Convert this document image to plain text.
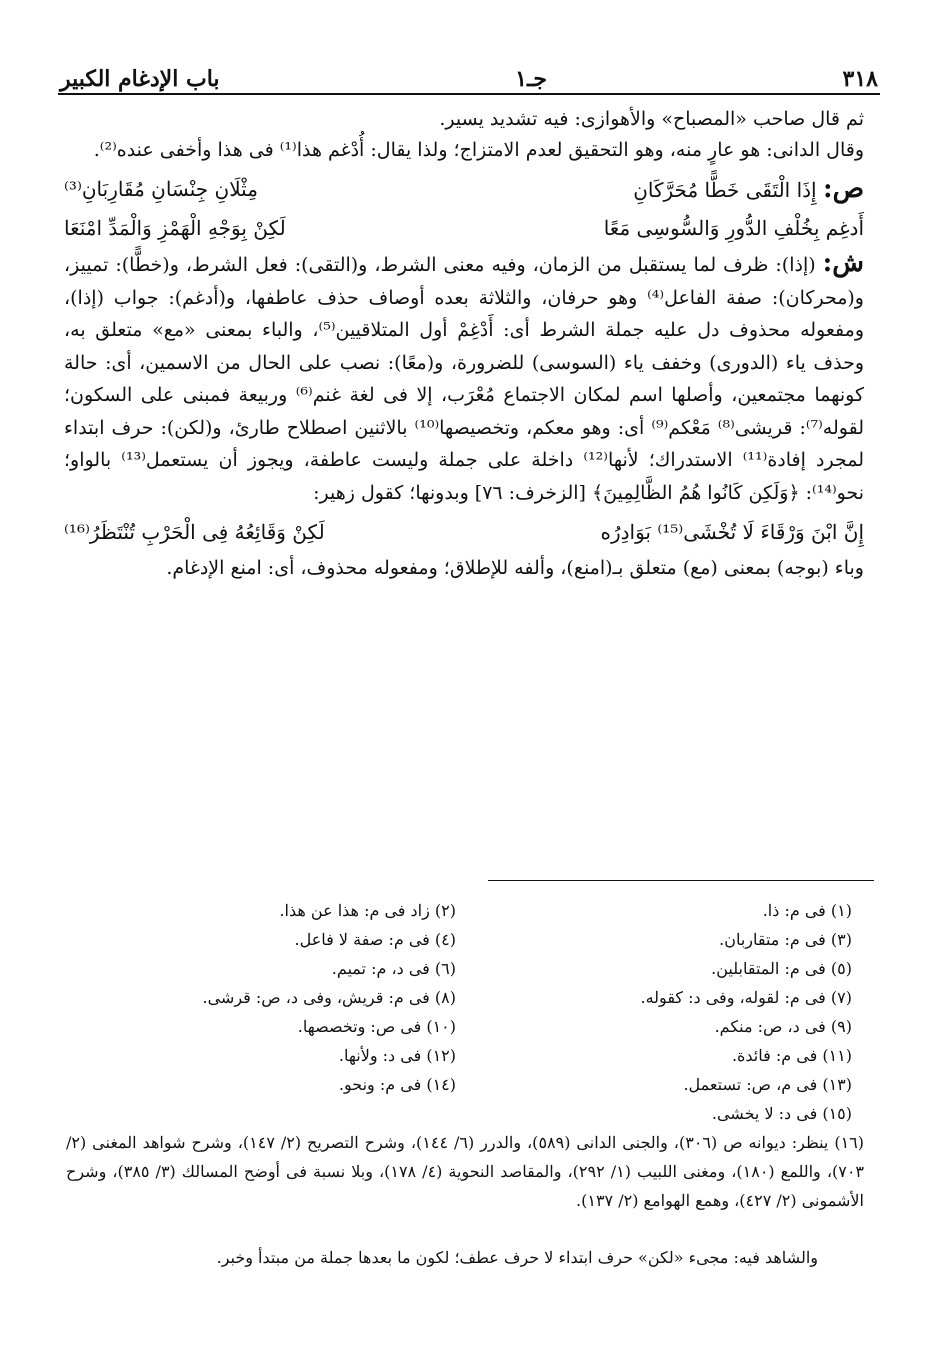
٣١٨
جـ١
باب الإدغام الكبير

ثم قال صاحب «المصباح» والأهوازى: فيه تشديد يسير.

وقال الدانى: هو عارٍ منه، وهو التحقيق لعدم الامتزاج؛ ولذا يقال: أُدْغم هذا⁽¹⁾ فى هذا وأخفى عنده⁽²⁾.

ص: إِذَا الْتَقَى خَطًّا مُحَرَّكَانِ
مِثْلَانِ جِنْسَانِ مُقَارِبَانِ⁽³⁾
أَدغِم بِخُلْفِ الدُّورِ وَالسُّوسِى مَعًا
لَكِنْ بِوَجْهِ الْهَمْزِ وَالْمَدِّ امْنَعَا

ش: (إذا): ظرف لما يستقبل من الزمان، وفيه معنى الشرط، و(التقى): فعل الشرط، و(خطًّا): تمييز، و(محركان): صفة الفاعل⁽⁴⁾ وهو حرفان، والثلاثة بعده أوصاف حذف عاطفها، و(أدغم): جواب (إذا)، ومفعوله محذوف دل عليه جملة الشرط أى: أَدْغِمْ أول المتلاقيين⁽⁵⁾، والباء بمعنى «مع» متعلق به، وحذف ياء (الدورى) وخفف ياء (السوسى) للضرورة، و(معًا): نصب على الحال من الاسمين، أى: حالة كونهما مجتمعين، وأصلها اسم لمكان الاجتماع مُعْرَب، إلا فى لغة غنم⁽⁶⁾ وربيعة فمبنى على السكون؛ لقوله⁽⁷⁾: قريشى⁽⁸⁾ مَعْكم⁽⁹⁾ أى: وهو معكم، وتخصيصها⁽¹⁰⁾ بالاثنين اصطلاح طارئ، و(لكن): حرف ابتداء لمجرد إفادة⁽¹¹⁾ الاستدراك؛ لأنها⁽¹²⁾ داخلة على جملة وليست عاطفة، ويجوز أن يستعمل⁽¹³⁾ بالواو؛ نحو⁽¹⁴⁾: ﴿وَلَكِن كَانُوا هُمُ الظَّالِمِينَ﴾ [الزخرف: ٧٦] وبدونها؛ كقول زهير:

إِنَّ ابْنَ وَرْقَاءَ لَا تُخْشَى⁽¹⁵⁾ بَوَادِرُه
لَكِنْ وَقَائِعُهُ فِى الْحَرْبِ تُنْتَظَرُ⁽¹⁶⁾

وباء (بوجه) بمعنى (مع) متعلق بـ(امنع)، وألفه للإطلاق؛ ومفعوله محذوف، أى: امنع الإدغام.

(١) فى م: ذا.
(٣) فى م: متقاربان.
(٥) فى م: المتقابلين.
(٧) فى م: لقوله، وفى د: كقوله.
(٩) فى د، ص: منكم.
(١١) فى م: فائدة.
(١٣) فى م، ص: تستعمل.
(١٥) فى د: لا يخشى.
(٢) زاد فى م: هذا عن هذا.
(٤) فى م: صفة لا فاعل.
(٦) فى د، م: تميم.
(٨) فى م: قريش، وفى د، ص: قرشى.
(١٠) فى ص: وتخصصها.
(١٢) فى د: ولأنها.
(١٤) فى م: ونحو.
(١٦) ينظر: ديوانه ص (٣٠٦)، والجنى الدانى (٥٨٩)، والدرر (٦/ ١٤٤)، وشرح التصريح (٢/ ١٤٧)، وشرح شواهد المغنى (٢/ ٧٠٣)، واللمع (١٨٠)، ومغنى اللبيب (١/ ٢٩٢)، والمقاصد النحوية (٤/ ١٧٨)، وبلا نسبة فى أوضح المسالك (٣/ ٣٨٥)، وشرح الأشمونى (٢/ ٤٢٧)، وهمع الهوامع (٢/ ١٣٧).
والشاهد فيه: مجىء «لكن» حرف ابتداء لا حرف عطف؛ لكون ما بعدها جملة من مبتدأ وخبر.
